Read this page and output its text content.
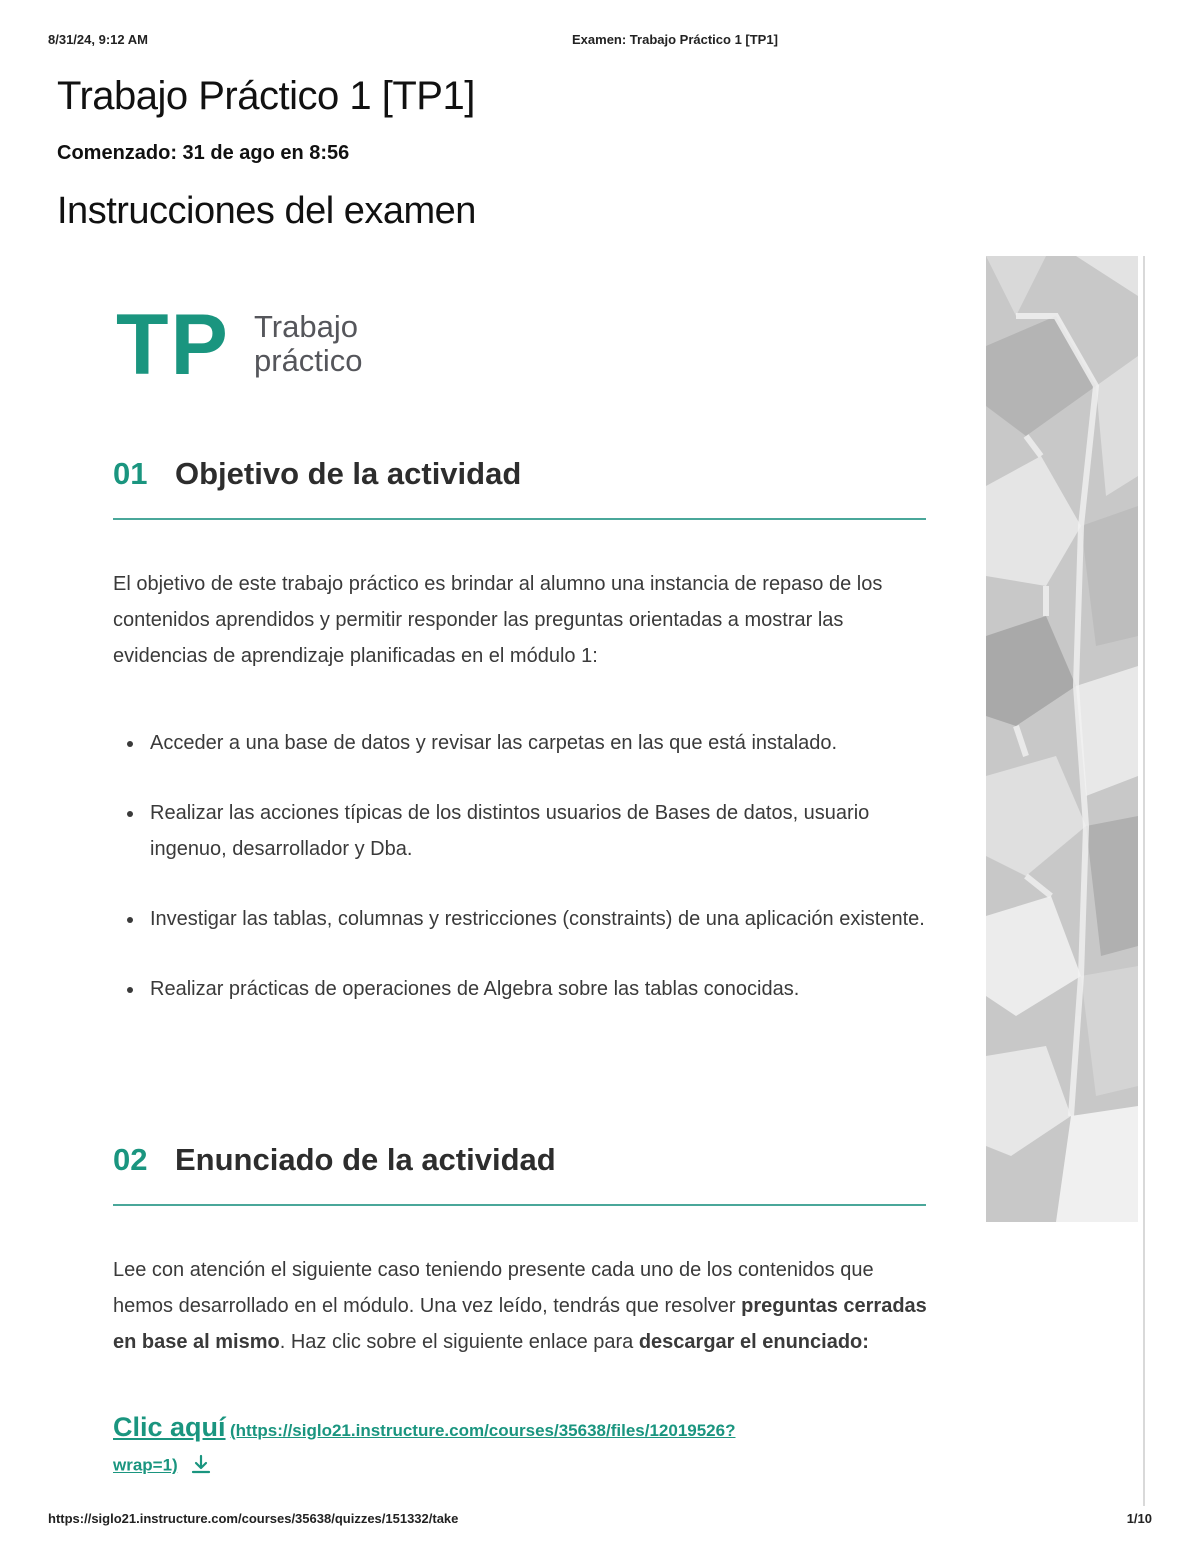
8/31/24, 9:12 AM	Examen: Trabajo Práctico 1 [TP1]
Trabajo Práctico 1 [TP1]
Comenzado: 31 de ago en 8:56
Instrucciones del examen
TP Trabajo
práctico
01 Objetivo de la actividad

El objetivo de este trabajo práctico es brindar al alumno una instancia de repaso de los contenidos aprendidos y permitir responder las preguntas orientadas a mostrar las evidencias de aprendizaje planificadas en el módulo 1:

Acceder a una base de datos y revisar las carpetas en las que está instalado.
Realizar las acciones típicas de los distintos usuarios de Bases de datos, usuario ingenuo, desarrollador y Dba.
Investigar las tablas, columnas y restricciones (constraints) de una aplicación existente.
Realizar prácticas de operaciones de Algebra sobre las tablas conocidas.
02 Enunciado de la actividad

Lee con atención el siguiente caso teniendo presente cada uno de los contenidos que hemos desarrollado en el módulo. Una vez leído, tendrás que resolver preguntas cerradas en base al mismo. Haz clic sobre el siguiente enlace para descargar el enunciado:

Clic aquí (https://siglo21.instructure.com/courses/35638/files/12019526?
wrap=1)
https://siglo21.instructure.com/courses/35638/quizzes/151332/take	1/10
